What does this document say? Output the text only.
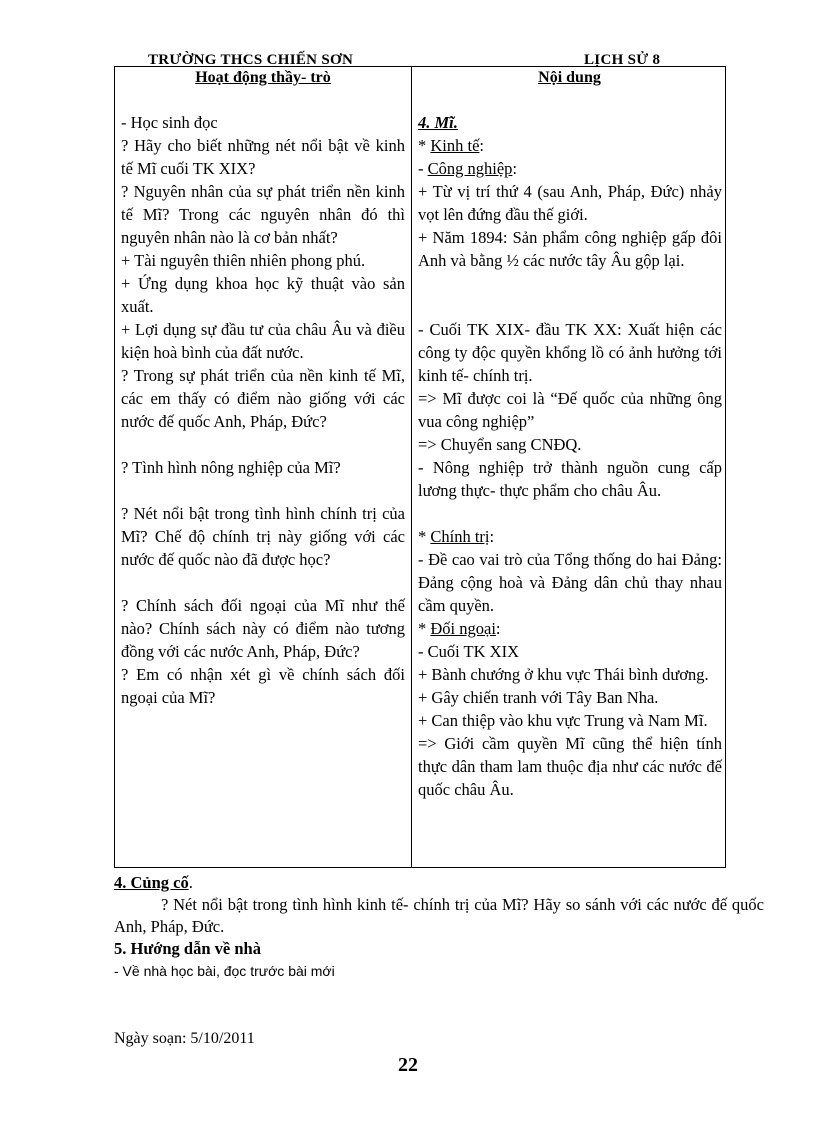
TRƯỜNG THCS CHIẾN SƠN	LỊCH SỬ 8
Hoạt động thầy- trò	Nội dung

- Học sinh đọc

? Hãy cho biết những nét nổi bật về kinh tế Mĩ cuối TK XIX?

? Nguyên nhân của sự phát triển nền kinh tế Mĩ? Trong các nguyên nhân đó thì nguyên nhân nào là cơ bản nhất?

+ Tài nguyên thiên nhiên phong phú.

+ Ứng dụng khoa học kỹ thuật vào sản xuất.

+ Lợi dụng sự đầu tư của châu Âu và điều kiện hoà bình của đất nước.

? Trong sự phát triển của nền kinh tế Mĩ, các em thấy có điểm nào giống với các nước đế quốc Anh, Pháp, Đức?

? Tình hình nông nghiệp của Mĩ?

? Nét nổi bật trong tình hình chính trị của Mĩ? Chế độ chính trị này giống với các nước đế quốc nào đã được học?

? Chính sách đối ngoại của Mĩ như thế nào? Chính sách này có điểm nào tương đồng với các nước Anh, Pháp, Đức?

? Em có nhận xét gì về chính sách đối ngoại của Mĩ?

4. Mĩ.

* Kinh tế:

- Công nghiệp:

+ Từ vị trí thứ 4 (sau Anh, Pháp, Đức) nhảy vọt lên đứng đầu thế giới.

+ Năm 1894: Sản phẩm công nghiệp gấp đôi Anh và bằng ½ các nước tây Âu gộp lại.

- Cuối TK XIX- đầu TK XX: Xuất hiện các công ty độc quyền khổng lồ có ảnh hưởng tới kinh tế- chính trị.

=> Mĩ được coi là “Đế quốc của những ông vua công nghiệp”

=> Chuyển sang CNĐQ.

- Nông nghiệp trở thành nguồn cung cấp lương thực- thực phẩm cho châu Âu.

* Chính trị:

- Đề cao vai trò của Tổng thống do hai Đảng: Đảng cộng hoà và Đảng dân chủ thay nhau cầm quyền.

* Đối ngoại:

- Cuối TK XIX

+ Bành chướng ở khu vực Thái bình dương.

+ Gây chiến tranh với Tây Ban Nha.

+ Can thiệp vào khu vực Trung và Nam Mĩ.

=> Giới cầm quyền Mĩ cũng thể hiện tính thực dân tham lam thuộc địa như các nước đế quốc châu Âu.

4. Củng cố.

? Nét nổi bật trong tình hình kinh tế- chính trị của Mĩ? Hãy so sánh với các nước đế quốc Anh, Pháp, Đức.

5. Hướng dẫn về nhà
- Về nhà học bài, đọc trước bài mới
Ngày soạn: 5/10/2011
22
